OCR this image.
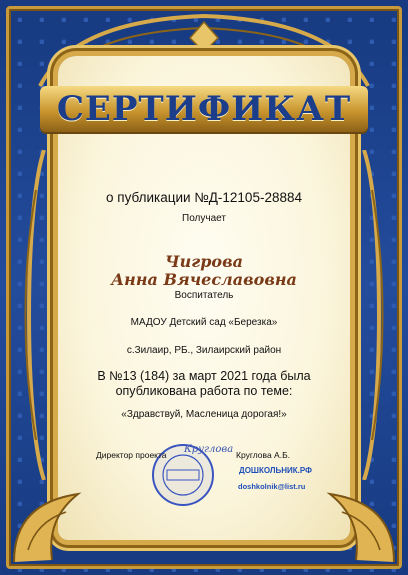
СЕРТИФИКАТ
о публикации №Д-12105-28884
Получает
Чигрова
Анна Вячеславовна
Воспитатель
МАДОУ Детский сад «Березка»
с.Зилаир, РБ., Зилаирский район
В №13 (184) за март 2021 года была
опубликована работа по теме:
«Здравствуй, Масленица дорогая!»
Директор проекта Круглова Круглова А.Б.
ДОШКОЛЬНИК.РФ
doshkolnik@list.ru
